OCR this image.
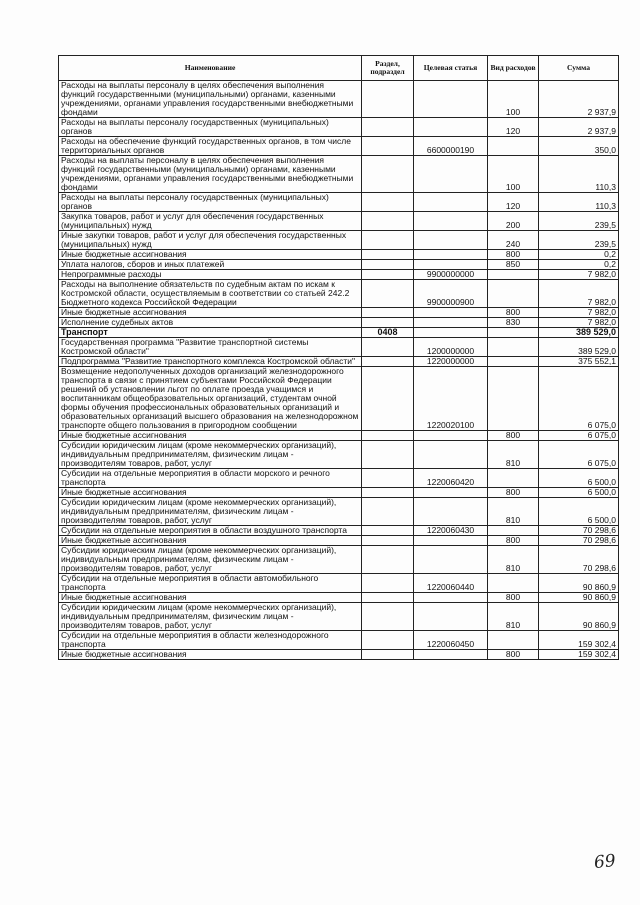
Наименование	Раздел, подраздел	Целевая статья	Вид расходов	Сумма
Расходы на выплаты персоналу в целях обеспечения выполнения функций государственными (муниципальными) органами, казенными учреждениями, органами управления государственными внебюджетными фондами			100	2 937,9
Расходы на выплаты персоналу государственных (муниципальных) органов			120	2 937,9
Расходы на обеспечение функций государственных органов, в том числе территориальных органов		6600000190		350,0
Расходы на выплаты персоналу в целях обеспечения выполнения функций государственными (муниципальными) органами, казенными учреждениями, органами управления государственными внебюджетными фондами			100	110,3
Расходы на выплаты персоналу государственных (муниципальных) органов			120	110,3
Закупка товаров, работ и услуг для обеспечения государственных (муниципальных) нужд			200	239,5
Иные закупки товаров, работ и услуг для обеспечения государственных (муниципальных) нужд			240	239,5
Иные бюджетные ассигнования			800	0,2
Уплата налогов, сборов и иных платежей			850	0,2
Непрограммные расходы		9900000000		7 982,0
Расходы на выполнение обязательств по судебным актам по искам к Костромской области, осуществляемым в соответствии со статьей 242.2 Бюджетного кодекса Российской Федерации		9900000900		7 982,0
Иные бюджетные ассигнования			800	7 982,0
Исполнение судебных актов			830	7 982,0
Транспорт	0408			389 529,0
Государственная программа "Развитие транспортной системы Костромской области"		1200000000		389 529,0
Подпрограмма "Развитие транспортного комплекса Костромской области"		1220000000		375 552,1
Возмещение недополученных доходов организаций железнодорожного транспорта в связи с принятием субъектами Российской Федерации решений об установлении льгот по оплате проезда учащимся и воспитанникам общеобразовательных организаций, студентам очной формы обучения профессиональных образовательных организаций и образовательных организаций высшего образования на железнодорожном транспорте общего пользования в пригородном сообщении		1220020100		6 075,0
Иные бюджетные ассигнования			800	6 075,0
Субсидии юридическим лицам (кроме некоммерческих организаций), индивидуальным предпринимателям, физическим лицам - производителям товаров, работ, услуг			810	6 075,0
Субсидии на отдельные мероприятия в области морского и речного транспорта		1220060420		6 500,0
Иные бюджетные ассигнования			800	6 500,0
Субсидии юридическим лицам (кроме некоммерческих организаций), индивидуальным предпринимателям, физическим лицам - производителям товаров, работ, услуг			810	6 500,0
Субсидии на отдельные мероприятия в области воздушного транспорта		1220060430		70 298,6
Иные бюджетные ассигнования			800	70 298,6
Субсидии юридическим лицам (кроме некоммерческих организаций), индивидуальным предпринимателям, физическим лицам - производителям товаров, работ, услуг			810	70 298,6
Субсидии на отдельные мероприятия в области автомобильного транспорта		1220060440		90 860,9
Иные бюджетные ассигнования			800	90 860,9
Субсидии юридическим лицам (кроме некоммерческих организаций), индивидуальным предпринимателям, физическим лицам - производителям товаров, работ, услуг			810	90 860,9
Субсидии на отдельные мероприятия в области железнодорожного транспорта		1220060450		159 302,4
Иные бюджетные ассигнования			800	159 302,4
69
